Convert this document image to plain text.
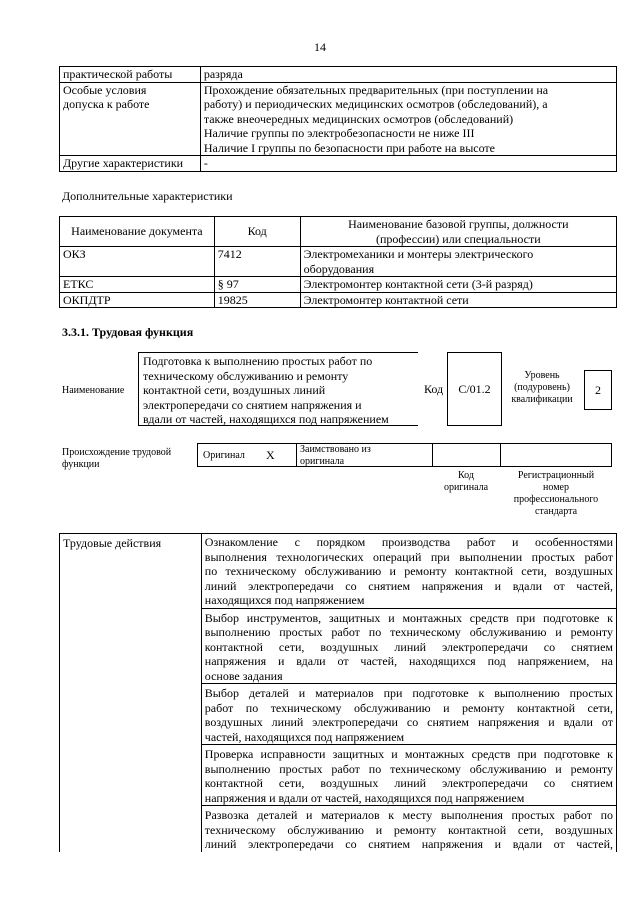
14
практической работы	разряда

Особые условия
допуска к работе	Прохождение обязательных предварительных (при поступлении на
работу) и периодических медицинских осмотров (обследований), а
также внеочередных медицинских осмотров (обследований)
Наличие группы по электробезопасности не ниже III
Наличие I группы по безопасности при работе на высоте

Другие характеристики	-
Дополнительные характеристики
Наименование документа	Код	Наименование базовой группы, должности
(профессии) или специальности

ОКЗ	7412	Электромеханики и монтеры электрического
оборудования

ЕТКС	§ 97	Электромонтер контактной сети (3-й разряд)
ОКПДТР	19825	Электромонтер контактной сети
3.3.1. Трудовая функция
Наименование
Подготовка к выполнению простых работ по
техническому обслуживанию и ремонту
контактной сети, воздушных линий
электропередачи со снятием напряжения и
вдали от частей, находящихся под напряжением
Код	C/01.2
Уровень
(подуровень)
квалификации
2
Происхождение трудовой
функции
Оригинал X	Заимствовано из
оригинала
Код
оригинала
Регистрационный
номер
профессионального
стандарта
Трудовые действия	Ознакомление с порядком производства работ и особенностями
выполнения технологических операций при выполнении простых работ
по техническому обслуживанию и ремонту контактной сети, воздушных
линий электропередачи со снятием напряжения и вдали от частей,
находящихся под напряжением

Выбор инструментов, защитных и монтажных средств при подготовке к
выполнению простых работ по техническому обслуживанию и ремонту
контактной сети, воздушных линий электропередачи со снятием
напряжения и вдали от частей, находящихся под напряжением, на
основе задания

Выбор деталей и материалов при подготовке к выполнению простых
работ по техническому обслуживанию и ремонту контактной сети,
воздушных линий электропередачи со снятием напряжения и вдали от
частей, находящихся под напряжением

Проверка исправности защитных и монтажных средств при подготовке к
выполнению простых работ по техническому обслуживанию и ремонту
контактной сети, воздушных линий электропередачи со снятием
напряжения и вдали от частей, находящихся под напряжением

Развозка деталей и материалов к месту выполнения простых работ по
техническому обслуживанию и ремонту контактной сети, воздушных
линий электропередачи со снятием напряжения и вдали от частей,
